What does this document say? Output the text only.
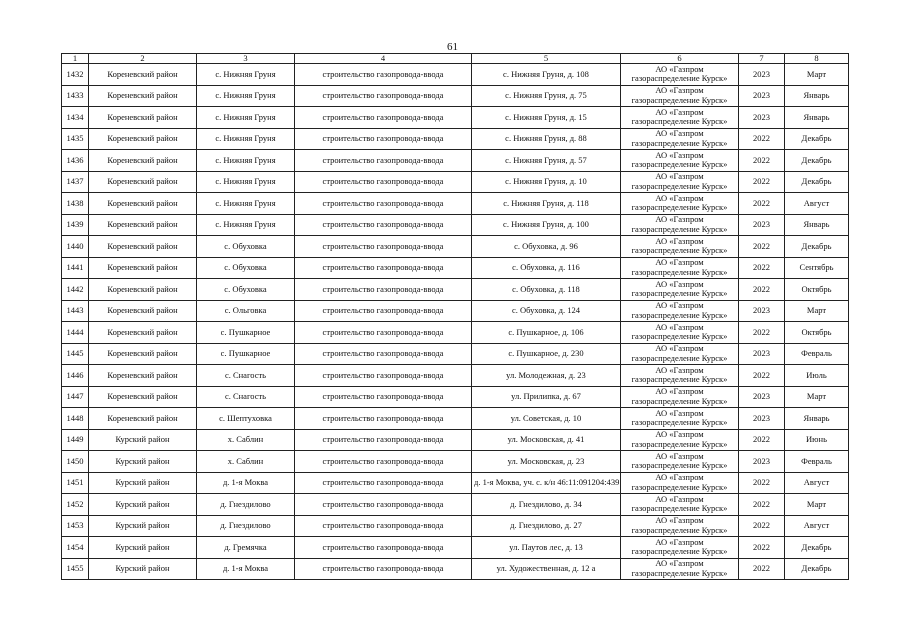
61
1	2	3	4	5	6	7	8
1432	Кореневский район	с. Нижняя Груня	строительство газопровода-ввода	с. Нижняя Груня, д. 108	АО «Газпром
газораспределение Курск»	2023	Март
1433	Кореневский район	с. Нижняя Груня	строительство газопровода-ввода	с. Нижняя Груня, д. 75	АО «Газпром
газораспределение Курск»	2023	Январь
1434	Кореневский район	с. Нижняя Груня	строительство газопровода-ввода	с. Нижняя Груня, д. 15	АО «Газпром
газораспределение Курск»	2023	Январь
1435	Кореневский район	с. Нижняя Груня	строительство газопровода-ввода	с. Нижняя Груня, д. 88	АО «Газпром
газораспределение Курск»	2022	Декабрь
1436	Кореневский район	с. Нижняя Груня	строительство газопровода-ввода	с. Нижняя Груня, д. 57	АО «Газпром
газораспределение Курск»	2022	Декабрь
1437	Кореневский район	с. Нижняя Груня	строительство газопровода-ввода	с. Нижняя Груня, д. 10	АО «Газпром
газораспределение Курск»	2022	Декабрь
1438	Кореневский район	с. Нижняя Груня	строительство газопровода-ввода	с. Нижняя Груня, д. 118	АО «Газпром
газораспределение Курск»	2022	Август
1439	Кореневский район	с. Нижняя Груня	строительство газопровода-ввода	с. Нижняя Груня, д. 100	АО «Газпром
газораспределение Курск»	2023	Январь
1440	Кореневский район	с. Обуховка	строительство газопровода-ввода	с. Обуховка, д. 96	АО «Газпром
газораспределение Курск»	2022	Декабрь
1441	Кореневский район	с. Обуховка	строительство газопровода-ввода	с. Обуховка, д. 116	АО «Газпром
газораспределение Курск»	2022	Сентябрь
1442	Кореневский район	с. Обуховка	строительство газопровода-ввода	с. Обуховка, д. 118	АО «Газпром
газораспределение Курск»	2022	Октябрь
1443	Кореневский район	с. Ольговка	строительство газопровода-ввода	с. Обуховка, д. 124	АО «Газпром
газораспределение Курск»	2023	Март
1444	Кореневский район	с. Пушкарное	строительство газопровода-ввода	с. Пушкарное, д. 106	АО «Газпром
газораспределение Курск»	2022	Октябрь
1445	Кореневский район	с. Пушкарное	строительство газопровода-ввода	с. Пушкарное, д. 230	АО «Газпром
газораспределение Курск»	2023	Февраль
1446	Кореневский район	с. Снагость	строительство газопровода-ввода	ул. Молодежная, д. 23	АО «Газпром
газораспределение Курск»	2022	Июль
1447	Кореневский район	с. Снагость	строительство газопровода-ввода	ул. Прилипка, д. 67	АО «Газпром
газораспределение Курск»	2023	Март
1448	Кореневский район	с. Шептуховка	строительство газопровода-ввода	ул. Советская, д. 10	АО «Газпром
газораспределение Курск»	2023	Январь
1449	Курский район	х. Саблин	строительство газопровода-ввода	ул. Московская, д. 41	АО «Газпром
газораспределение Курск»	2022	Июнь
1450	Курский район	х. Саблин	строительство газопровода-ввода	ул. Московская, д. 23	АО «Газпром
газораспределение Курск»	2023	Февраль
1451	Курский район	д. 1-я Моква	строительство газопровода-ввода	д. 1-я Моква, уч. с. к/н 46:11:091204:439	АО «Газпром
газораспределение Курск»	2022	Август
1452	Курский район	д. Гнездилово	строительство газопровода-ввода	д. Гнездилово, д. 34	АО «Газпром
газораспределение Курск»	2022	Март
1453	Курский район	д. Гнездилово	строительство газопровода-ввода	д. Гнездилово, д. 27	АО «Газпром
газораспределение Курск»	2022	Август
1454	Курский район	д. Гремячка	строительство газопровода-ввода	ул. Паутов лес, д. 13	АО «Газпром
газораспределение Курск»	2022	Декабрь
1455	Курский район	д. 1-я Моква	строительство газопровода-ввода	ул. Художественная, д. 12 а	АО «Газпром
газораспределение Курск»	2022	Декабрь
